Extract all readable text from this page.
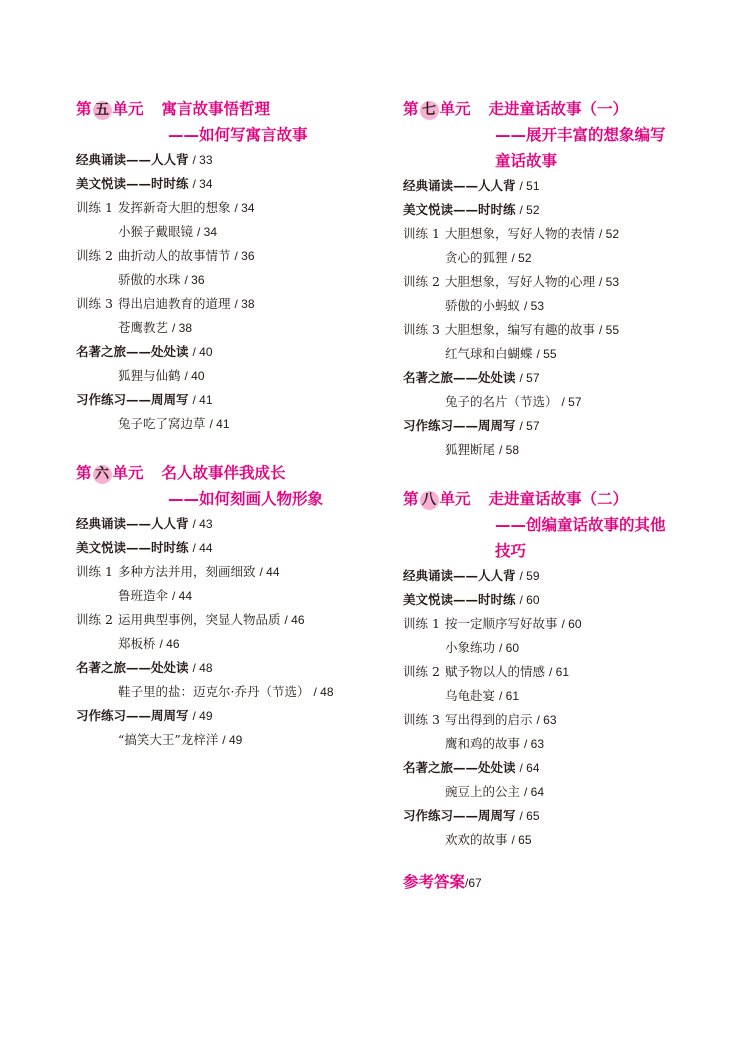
第 五 单元 寓言故事悟哲理
——如何写寓言故事
经典诵读——人人背 / 33
美文悦读——时时练 / 34
训练 1 发挥新奇大胆的想象 / 34
小猴子戴眼镜 / 34
训练 2 曲折动人的故事情节 / 36
骄傲的水珠 / 36
训练 3 得出启迪教育的道理 / 38
苍鹰教艺 / 38
名著之旅——处处读 / 40
狐狸与仙鹤 / 40
习作练习——周周写 / 41
兔子吃了窝边草 / 41
第 六 单元 名人故事伴我成长
——如何刻画人物形象
经典诵读——人人背 / 43
美文悦读——时时练 / 44
训练 1 多种方法并用，刻画细致 / 44
鲁班造伞 / 44
训练 2 运用典型事例，突显人物品质 / 46
郑板桥 / 46
名著之旅——处处读 / 48
鞋子里的盐：迈克尔·乔丹（节选） / 48
习作练习——周周写 / 49
“搞笑大王”龙梓洋 / 49
第 七 单元 走进童话故事（一）
——展开丰富的想象编写
童话故事
经典诵读——人人背 / 51
美文悦读——时时练 / 52
训练 1 大胆想象，写好人物的表情 / 52
贪心的狐狸 / 52
训练 2 大胆想象，写好人物的心理 / 53
骄傲的小蚂蚁 / 53
训练 3 大胆想象，编写有趣的故事 / 55
红气球和白蝴蝶 / 55
名著之旅——处处读 / 57
兔子的名片（节选） / 57
习作练习——周周写 / 57
狐狸断尾 / 58
第 八 单元 走进童话故事（二）
——创编童话故事的其他
技巧
经典诵读——人人背 / 59
美文悦读——时时练 / 60
训练 1 按一定顺序写好故事 / 60
小象练功 / 60
训练 2 赋予物以人的情感 / 61
乌龟赴宴 / 61
训练 3 写出得到的启示 / 63
鹰和鸡的故事 / 63
名著之旅——处处读 / 64
豌豆上的公主 / 64
习作练习——周周写 / 65
欢欢的故事 / 65
参考答案/67
